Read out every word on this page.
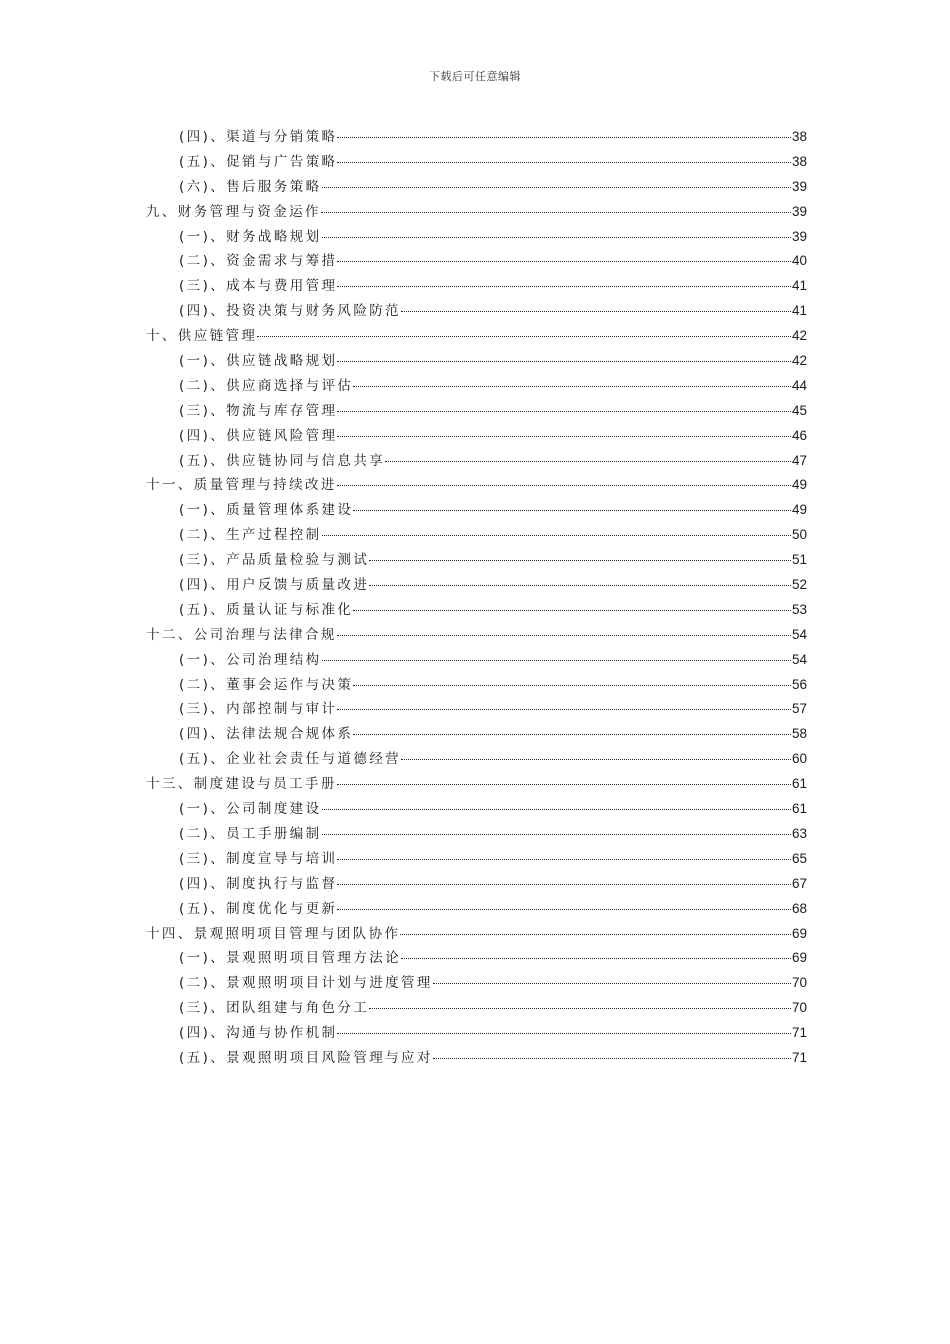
下载后可任意编辑
(四)、渠道与分销策略	38
(五)、促销与广告策略	38
(六)、售后服务策略	39
九、财务管理与资金运作	39
(一)、财务战略规划	39
(二)、资金需求与筹措	40
(三)、成本与费用管理	41
(四)、投资决策与财务风险防范	41
十、供应链管理	42
(一)、供应链战略规划	42
(二)、供应商选择与评估	44
(三)、物流与库存管理	45
(四)、供应链风险管理	46
(五)、供应链协同与信息共享	47
十一、质量管理与持续改进	49
(一)、质量管理体系建设	49
(二)、生产过程控制	50
(三)、产品质量检验与测试	51
(四)、用户反馈与质量改进	52
(五)、质量认证与标准化	53
十二、公司治理与法律合规	54
(一)、公司治理结构	54
(二)、董事会运作与决策	56
(三)、内部控制与审计	57
(四)、法律法规合规体系	58
(五)、企业社会责任与道德经营	60
十三、制度建设与员工手册	61
(一)、公司制度建设	61
(二)、员工手册编制	63
(三)、制度宣导与培训	65
(四)、制度执行与监督	67
(五)、制度优化与更新	68
十四、景观照明项目管理与团队协作	69
(一)、景观照明项目管理方法论	69
(二)、景观照明项目计划与进度管理	70
(三)、团队组建与角色分工	70
(四)、沟通与协作机制	71
(五)、景观照明项目风险管理与应对	71
